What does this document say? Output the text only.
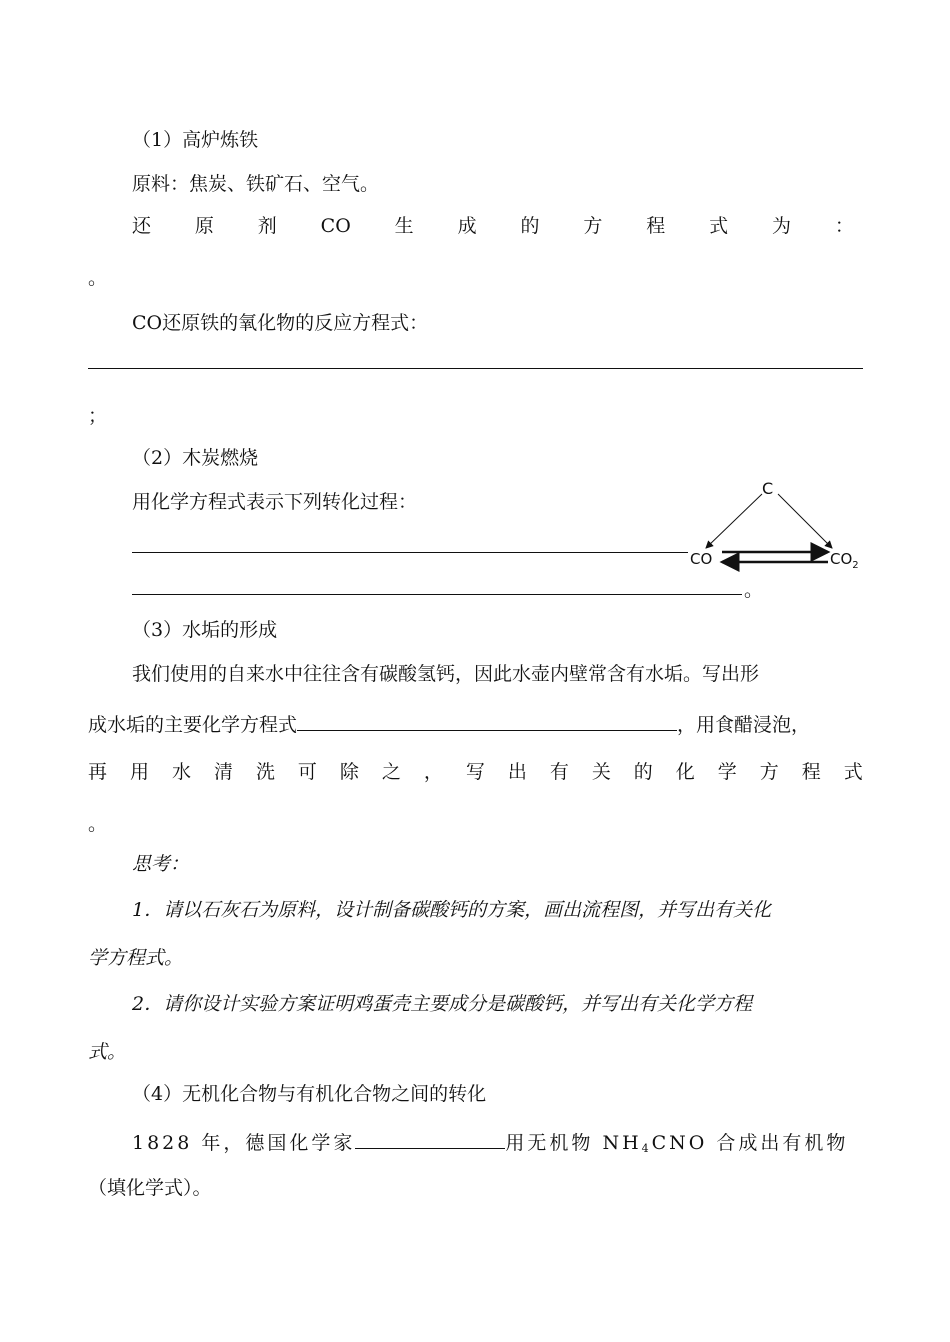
（1）高炉炼铁
原料：焦炭、铁矿石、空气。
还 原 剂 CO 生 成 的 方 程 式 为 ：
。
CO还原铁的氧化物的反应方程式：
；
（2）木炭燃烧
用化学方程式表示下列转化过程：
。
C
CO	$CO_2$
（3）水垢的形成
我们使用的自来水中往往含有碳酸氢钙，因此水壶内壁常含有水垢。写出形
成水垢的主要化学方程式	，用食醋浸泡，
再 用 水 清 洗 可 除 之 ， 写 出 有 关 的 化 学 方 程 式
。
思考：
1．请以石灰石为原料，设计制备碳酸钙的方案，画出流程图，并写出有关化
学方程式。
2．请你设计实验方案证明鸡蛋壳主要成分是碳酸钙，并写出有关化学方程
式。
（4）无机化合物与有机化合物之间的转化
1828 年，德国化学家	用无机物 $NH_4CNO$ 合成出有机物
（填化学式）。
